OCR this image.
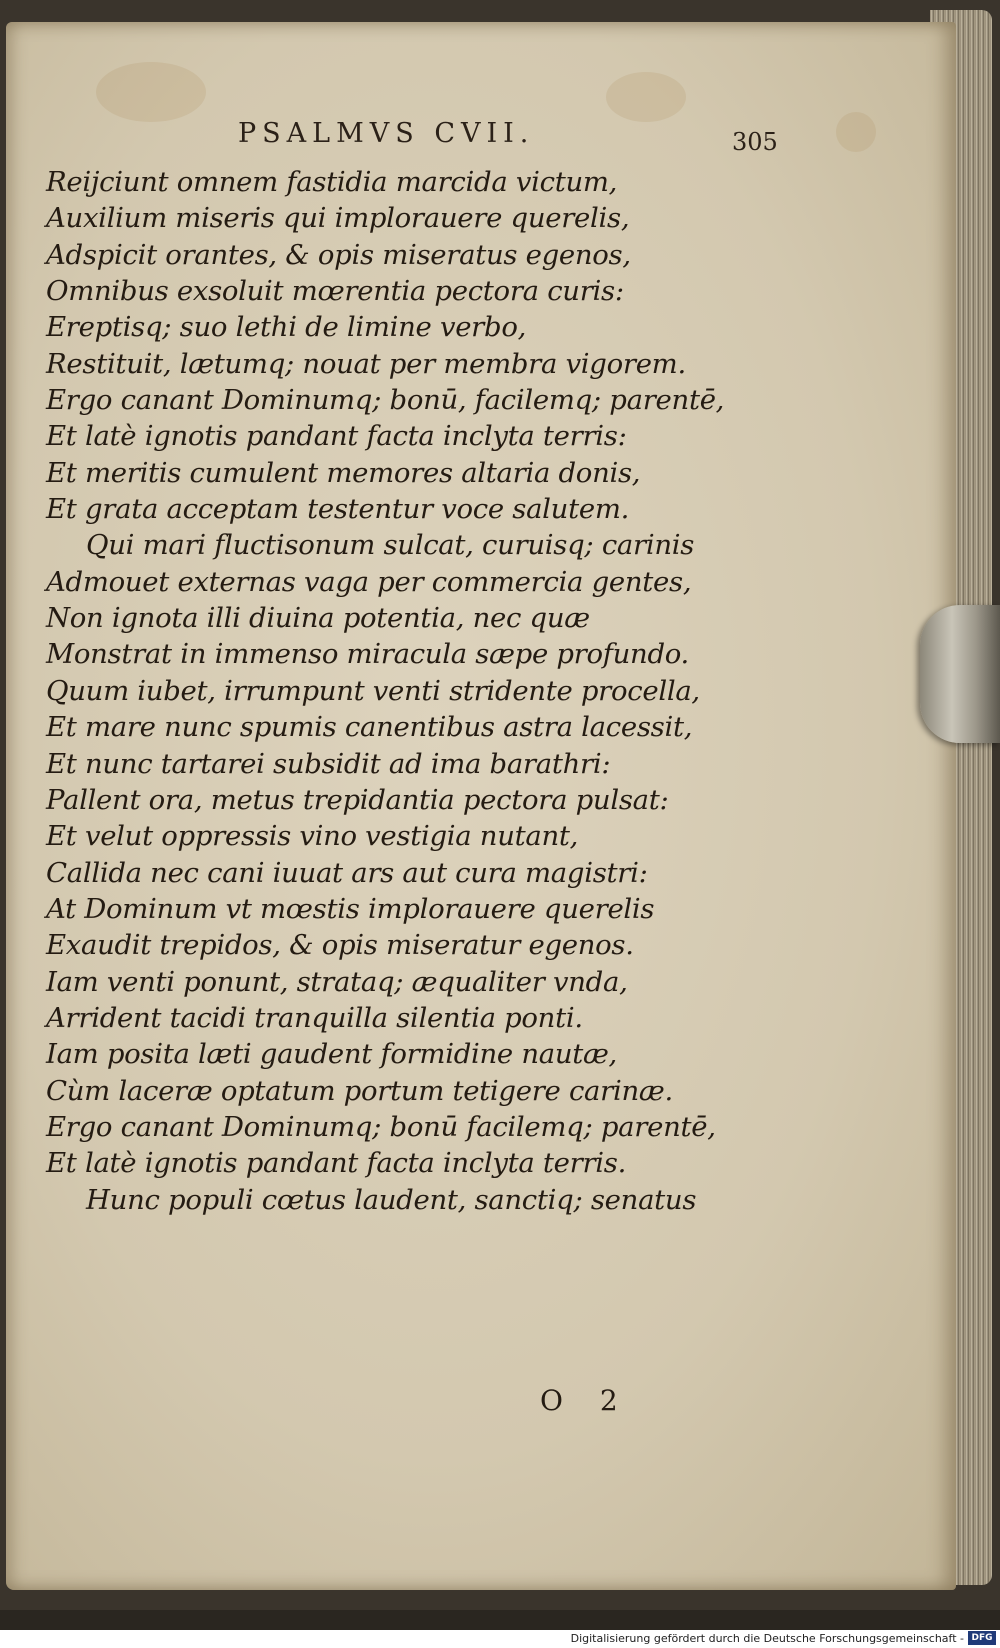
PSALMVS CVII.	305
Reijciunt omnem fastidia marcida victum,
Auxilium miseris qui implorauere querelis,
Adspicit orantes, & opis miseratus egenos,
Omnibus exsoluit mœrentia pectora curis:
Ereptisq; suo lethi de limine verbo,
Restituit, lætumq; nouat per membra vigorem.
Ergo canant Dominumq; bonū, facilemq; parentē,
Et latè ignotis pandant facta inclyta terris:
Et meritis cumulent memores altaria donis,
Et grata acceptam testentur voce salutem.
Qui mari fluctisonum sulcat, curuisq; carinis
Admouet externas vaga per commercia gentes,
Non ignota illi diuina potentia, nec quæ
Monstrat in immenso miracula sæpe profundo.
Quum iubet, irrumpunt venti stridente procella,
Et mare nunc spumis canentibus astra lacessit,
Et nunc tartarei subsidit ad ima barathri:
Pallent ora, metus trepidantia pectora pulsat:
Et velut oppressis vino vestigia nutant,
Callida nec cani iuuat ars aut cura magistri:
At Dominum vt mœstis implorauere querelis
Exaudit trepidos, & opis miseratur egenos.
Iam venti ponunt, strataq; æqualiter vnda,
Arrident tacidi tranquilla silentia ponti.
Iam posita læti gaudent formidine nautæ,
Cùm laceræ optatum portum tetigere carinæ.
Ergo canant Dominumq; bonū facilemq; parentē,
Et latè ignotis pandant facta inclyta terris.
Hunc populi cœtus laudent, sanctiq; senatus
O 2
Digitalisierung gefördert durch die Deutsche Forschungsgemeinschaft - DFG
